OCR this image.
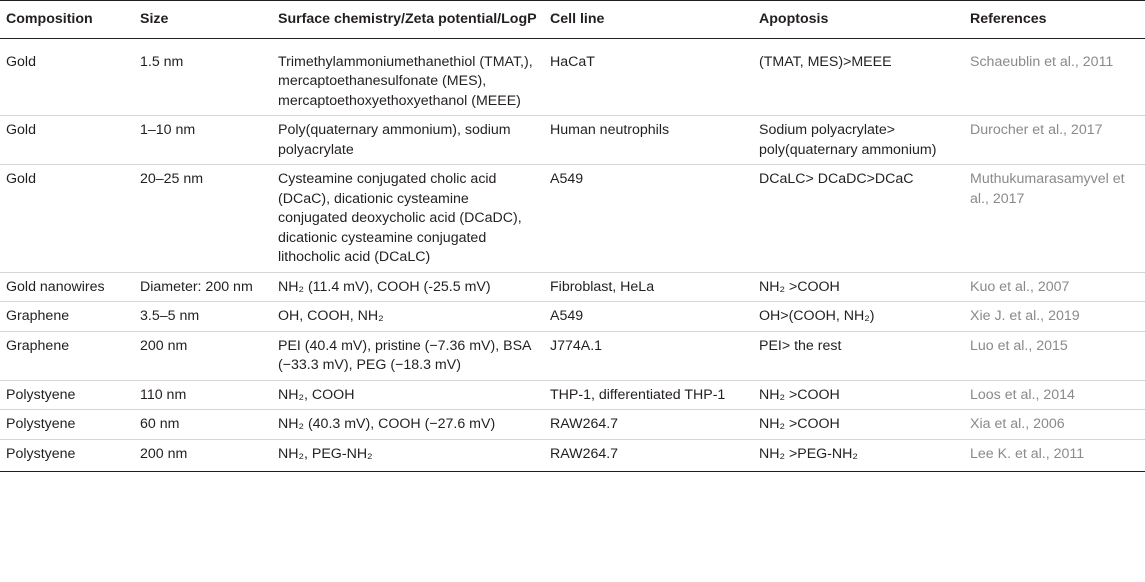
Composition	Size	Surface chemistry/Zeta potential/LogP	Cell line	Apoptosis	References
Gold	1.5 nm	Trimethylammoniumethanethiol (TMAT,), mercaptoethanesulfonate (MES), mercaptoethoxyethoxyethanol (MEEE)	HaCaT	(TMAT, MES)>MEEE	Schaeublin et al., 2011
Gold	1–10 nm	Poly(quaternary ammonium), sodium polyacrylate	Human neutrophils	Sodium polyacrylate> poly(quaternary ammonium)	Durocher et al., 2017
Gold	20–25 nm	Cysteamine conjugated cholic acid (DCaC), dicationic cysteamine conjugated deoxycholic acid (DCaDC), dicationic cysteamine conjugated lithocholic acid (DCaLC)	A549	DCaLC> DCaDC>DCaC	Muthukumarasamyvel et al., 2017
Gold nanowires	Diameter: 200 nm	NH₂ (11.4 mV), COOH (-25.5 mV)	Fibroblast, HeLa	NH₂ >COOH	Kuo et al., 2007
Graphene	3.5–5 nm	OH, COOH, NH₂	A549	OH>(COOH, NH₂)	Xie J. et al., 2019
Graphene	200 nm	PEI (40.4 mV), pristine (−7.36 mV), BSA (−33.3 mV), PEG (−18.3 mV)	J774A.1	PEI> the rest	Luo et al., 2015
Polystyene	110 nm	NH₂, COOH	THP-1, differentiated THP-1	NH₂ >COOH	Loos et al., 2014
Polystyene	60 nm	NH₂ (40.3 mV), COOH (−27.6 mV)	RAW264.7	NH₂ >COOH	Xia et al., 2006
Polystyene	200 nm	NH₂, PEG-NH₂	RAW264.7	NH₂ >PEG-NH₂	Lee K. et al., 2011
